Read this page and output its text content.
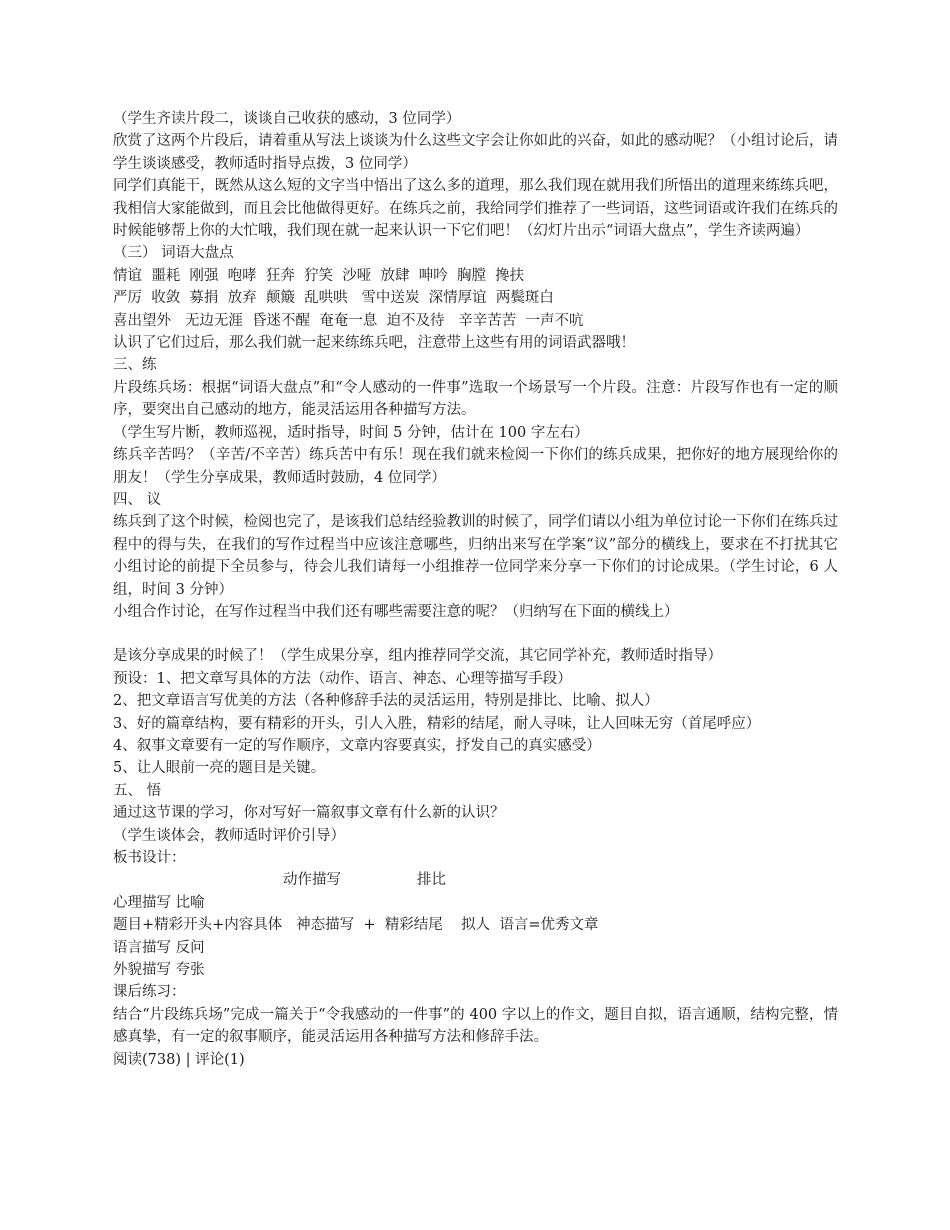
（学生齐读片段二，谈谈自己收获的感动，3 位同学）

欣赏了这两个片段后，请着重从写法上谈谈为什么这些文字会让你如此的兴奋，如此的感动呢？（小组讨论后，请学生谈谈感受，教师适时指导点拨，3 位同学）

同学们真能干，既然从这么短的文字当中悟出了这么多的道理，那么我们现在就用我们所悟出的道理来练练兵吧，我相信大家能做到，而且会比他做得更好。在练兵之前，我给同学们推荐了一些词语，这些词语或许我们在练兵的时候能够帮上你的大忙哦，我们现在就一起来认识一下它们吧！（幻灯片出示“词语大盘点”，学生齐读两遍）

（三） 词语大盘点

情谊  噩耗  刚强  咆哮  狂奔  狞笑  沙哑  放肆  呻吟  胸膛  搀扶

严厉  收敛  募捐  放弃  颠簸  乱哄哄   雪中送炭  深情厚谊  两鬓斑白

喜出望外   无边无涯  昏迷不醒  奄奄一息  迫不及待   辛辛苦苦  一声不吭

认识了它们过后，那么我们就一起来练练兵吧，注意带上这些有用的词语武器哦！

三、练

片段练兵场：根据“词语大盘点”和“令人感动的一件事”选取一个场景写一个片段。注意：片段写作也有一定的顺序，要突出自己感动的地方，能灵活运用各种描写方法。

（学生写片断，教师巡视，适时指导，时间 5 分钟，估计在 100 字左右）

练兵辛苦吗？（辛苦/不辛苦）练兵苦中有乐！现在我们就来检阅一下你们的练兵成果，把你好的地方展现给你的朋友！（学生分享成果，教师适时鼓励，4 位同学）

四、 议

练兵到了这个时候，检阅也完了，是该我们总结经验教训的时候了，同学们请以小组为单位讨论一下你们在练兵过程中的得与失，在我们的写作过程当中应该注意哪些，归纳出来写在学案“议”部分的横线上，要求在不打扰其它小组讨论的前提下全员参与，待会儿我们请每一小组推荐一位同学来分享一下你们的讨论成果。（学生讨论，6 人组，时间 3 分钟）

小组合作讨论，在写作过程当中我们还有哪些需要注意的呢？（归纳写在下面的横线上）

是该分享成果的时候了！（学生成果分享，组内推荐同学交流，其它同学补充，教师适时指导）

预设：1、把文章写具体的方法（动作、语言、神态、心理等描写手段）

2、把文章语言写优美的方法（各种修辞手法的灵活运用，特别是排比、比喻、拟人）

3、好的篇章结构，要有精彩的开头，引人入胜，精彩的结尾，耐人寻味，让人回味无穷（首尾呼应）

4、叙事文章要有一定的写作顺序，文章内容要真实，抒发自己的真实感受）

5、让人眼前一亮的题目是关键。

五、 悟

通过这节课的学习，你对写好一篇叙事文章有什么新的认识？

（学生谈体会，教师适时评价引导）

板书设计：

动作描写	排比

心理描写 比喻

题目+精彩开头+内容具体   神态描写  +  精彩结尾    拟人  语言=优秀文章

语言描写 反问

外貌描写 夸张

课后练习：

结合“片段练兵场”完成一篇关于“令我感动的一件事”的 400 字以上的作文，题目自拟，语言通顺，结构完整，情感真挚，有一定的叙事顺序，能灵活运用各种描写方法和修辞手法。

阅读(738) | 评论(1)
